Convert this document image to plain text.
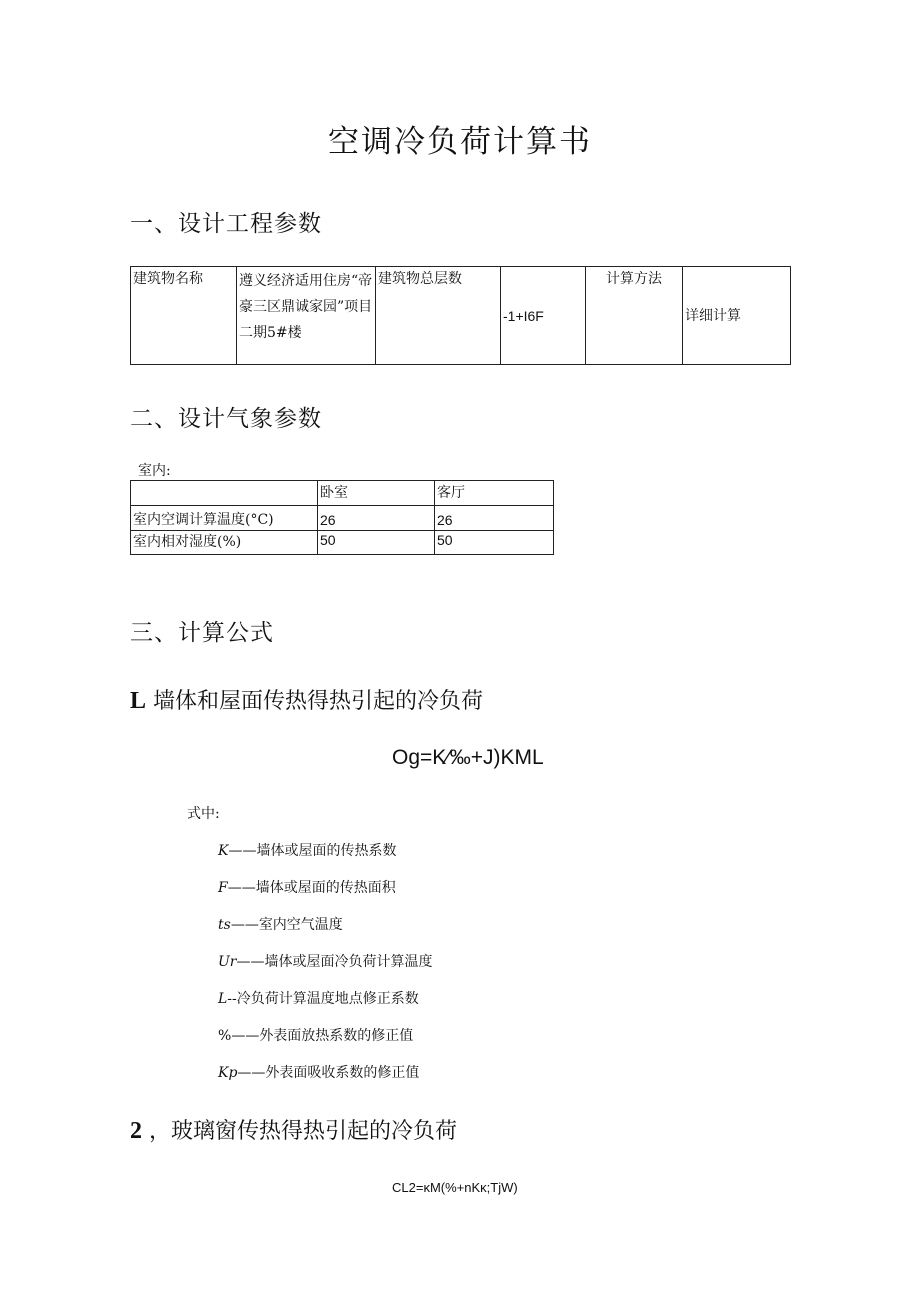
空调冷负荷计算书
一、设计工程参数
建筑物名称	遵义经济适用住房“帝豪三区鼎诚家园”项目二期5#楼	建筑物总层数	-1+I6F	计算方法	详细计算
二、设计气象参数
室内:
	卧室	客厅
室内空调计算温度(°C)	26	26
室内相对湿度(%)	50	50
三、计算公式
L 墙体和屋面传热得热引起的冷负荷
Og=K∕‰+J)KML
式中:
K——墙体或屋面的传热系数
F——墙体或屋面的传热面积
ts——室内空气温度
Ur——墙体或屋面冷负荷计算温度
L--冷负荷计算温度地点修正系数
%——外表面放热系数的修正值
Kp——外表面吸收系数的修正值
2 ，玻璃窗传热得热引起的冷负荷
CL2=κM(%+nKκ;TjW)
